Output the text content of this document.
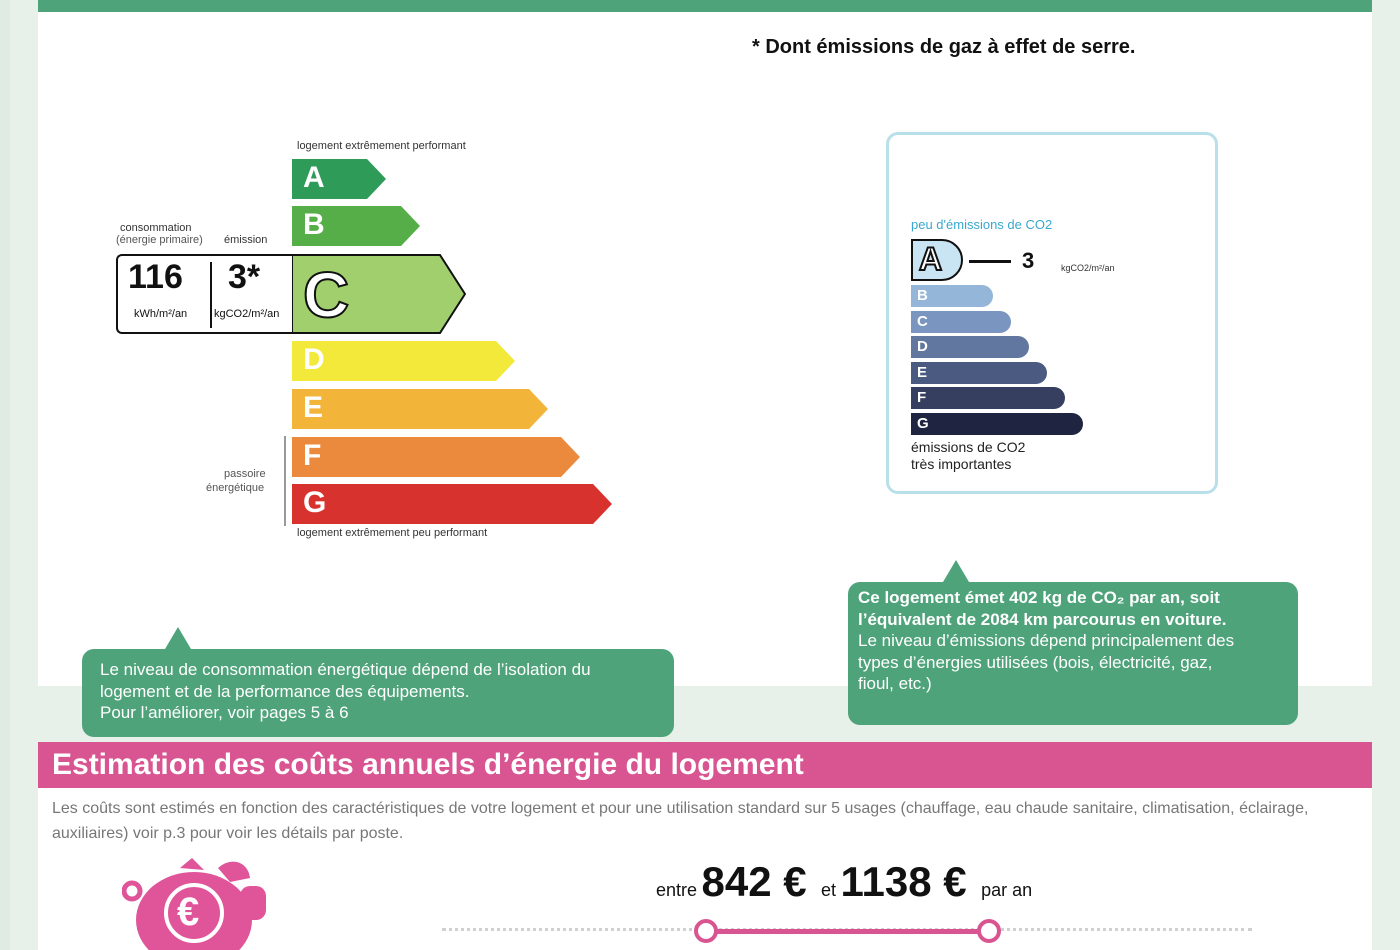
* Dont émissions de gaz à effet de serre.
logement extrêmement performant
A
B
C
D
E
F
G
logement extrêmement peu performant
consommation
(énergie primaire) émission
116 3*
kWh/m²/an kgCO2/m²/an
passoire
énergétique
peu d'émissions de CO2
A
B
C
D
E
F
G
3	kgCO2/m²/an
émissions de CO2
très importantes
Le niveau de consommation énergétique dépend de l’isolation du
logement et de la performance des équipements.
Pour l’améliorer, voir pages 5 à 6
Ce logement émet 402 kg de CO₂ par an, soit
l’équivalent de 2084 km parcourus en voiture.
Le niveau d’émissions dépend principalement des
types d’énergies utilisées (bois, électricité, gaz,
fioul, etc.)
Estimation des coûts annuels d’énergie du logement
Les coûts sont estimés en fonction des caractéristiques de votre logement et pour une utilisation standard sur 5 usages (chauffage, eau chaude sanitaire, climatisation, éclairage, auxiliaires) voir p.3 pour voir les détails par poste.
€	entre 842 € et 1138 € par an
